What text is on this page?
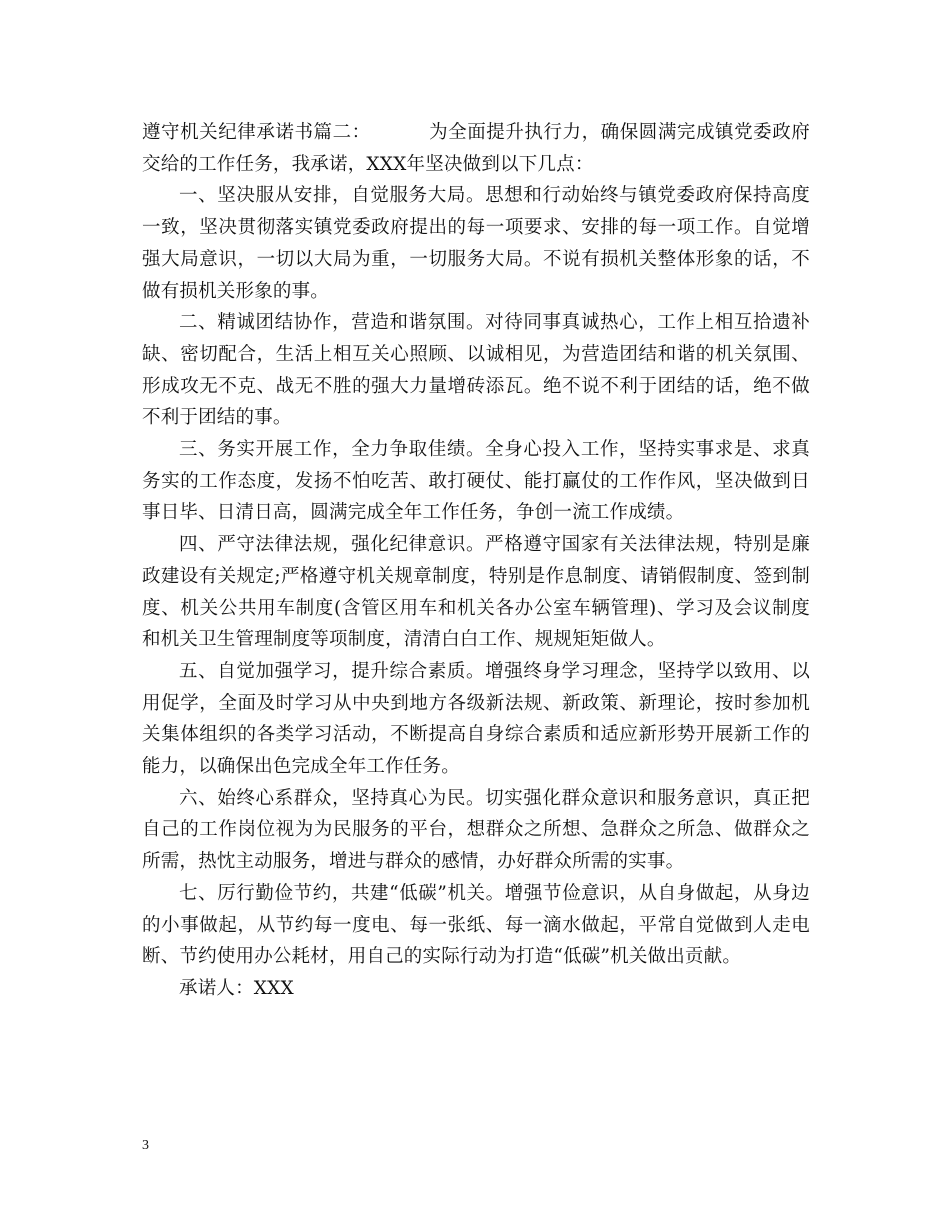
遵守机关纪律承诺书篇二：	为全面提升执行力，确保圆满完成镇党委政府交给的工作任务，我承诺，XXX年坚决做到以下几点：

一、坚决服从安排，自觉服务大局。思想和行动始终与镇党委政府保持高度一致，坚决贯彻落实镇党委政府提出的每一项要求、安排的每一项工作。自觉增强大局意识，一切以大局为重，一切服务大局。不说有损机关整体形象的话，不做有损机关形象的事。

二、精诚团结协作，营造和谐氛围。对待同事真诚热心，工作上相互拾遗补缺、密切配合，生活上相互关心照顾、以诚相见，为营造团结和谐的机关氛围、形成攻无不克、战无不胜的强大力量增砖添瓦。绝不说不利于团结的话，绝不做不利于团结的事。

三、务实开展工作，全力争取佳绩。全身心投入工作，坚持实事求是、求真务实的工作态度，发扬不怕吃苦、敢打硬仗、能打赢仗的工作作风，坚决做到日事日毕、日清日高，圆满完成全年工作任务，争创一流工作成绩。

四、严守法律法规，强化纪律意识。严格遵守国家有关法律法规，特别是廉政建设有关规定;严格遵守机关规章制度，特别是作息制度、请销假制度、签到制度、机关公共用车制度(含管区用车和机关各办公室车辆管理)、学习及会议制度和机关卫生管理制度等项制度，清清白白工作、规规矩矩做人。

五、自觉加强学习，提升综合素质。增强终身学习理念，坚持学以致用、以用促学，全面及时学习从中央到地方各级新法规、新政策、新理论，按时参加机关集体组织的各类学习活动，不断提高自身综合素质和适应新形势开展新工作的能力，以确保出色完成全年工作任务。

六、始终心系群众，坚持真心为民。切实强化群众意识和服务意识，真正把自己的工作岗位视为为民服务的平台，想群众之所想、急群众之所急、做群众之所需，热忱主动服务，增进与群众的感情，办好群众所需的实事。

七、厉行勤俭节约，共建“低碳”机关。增强节俭意识，从自身做起，从身边的小事做起，从节约每一度电、每一张纸、每一滴水做起，平常自觉做到人走电断、节约使用办公耗材，用自己的实际行动为打造“低碳”机关做出贡献。

承诺人：XXX

3
